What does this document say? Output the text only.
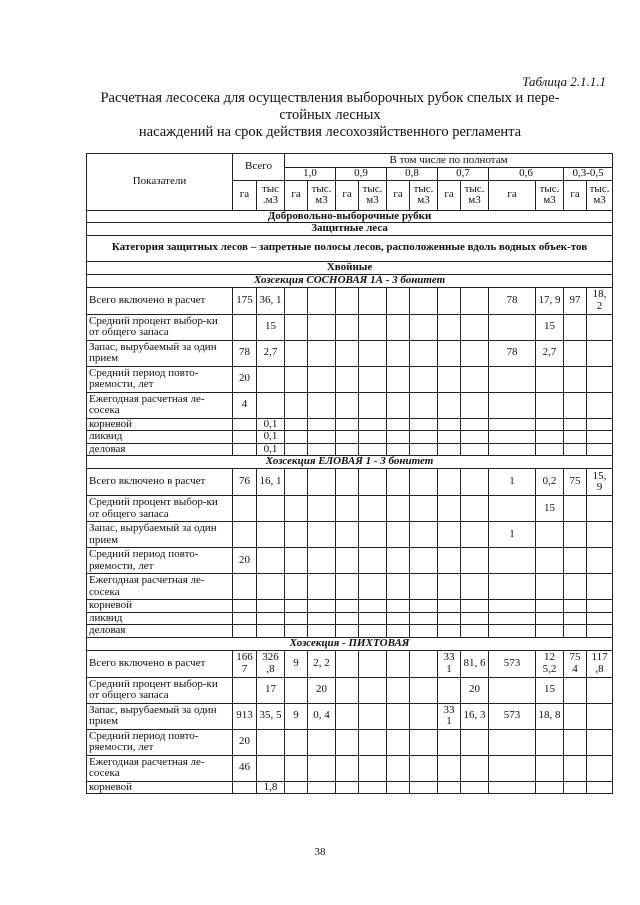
Таблица 2.1.1.1
Расчетная лесосека для осуществления выборочных рубок спелых и пере-
стойных лесных
насаждений на срок действия лесохозяйственного регламента
Показатели	Всего		В том числе по полнотам											
			1,0		0,9		0,8		0,7		0,6		0,3-0,5	
	га	тыс .м3	га	тыс. м3	га	тыс. м3	га	тыс. м3	га	тыс. м3	га	тыс. м3	га	тыс. м3
Добровольно-выборочные рубки														
Защитные леса														
Категория защитных лесов – запретные полосы лесов, расположенные вдоль водных объек-тов														
Хвойные														
Хозсекция СОСНОВАЯ 1А - 3 бонитет														
Всего включено в расчет	175	36, 1									78	17, 9	97	18, 2
Средний процент выбор-ки от общего запаса		15										15		
Запас, вырубаемый за один прием	78	2,7									78	2,7		
Средний период повто-ряемости, лет	20													
Ежегодная расчетная ле-сосека	4													
корневой		0,1												
ликвид		0,1												
деловая		0,1												
Хозсекция ЕЛОВАЯ 1 - 3 бонитет														
Всего включено в расчет	76	16, 1									1	0,2	75	15, 9
Средний процент выбор-ки от общего запаса												15		
Запас, вырубаемый за один прием											1			
Средний период повто-ряемости, лет	20													
Ежегодная расчетная ле-сосека														
корневой														
ликвид														
деловая														
Хозсекция - ПИХТОВАЯ														
Всего включено в расчет	166 7	326 ,8	9	2, 2					33 1	81, 6	573	12 5,2	75 4	117 ,8
Средний процент выбор-ки от общего запаса		17		20						20		15		
Запас, вырубаемый за один прием	913	35, 5	9	0, 4					33 1	16, 3	573	18, 8		
Средний период повто-ряемости, лет	20													
Ежегодная расчетная ле-сосека	46													
корневой		1,8												
38
